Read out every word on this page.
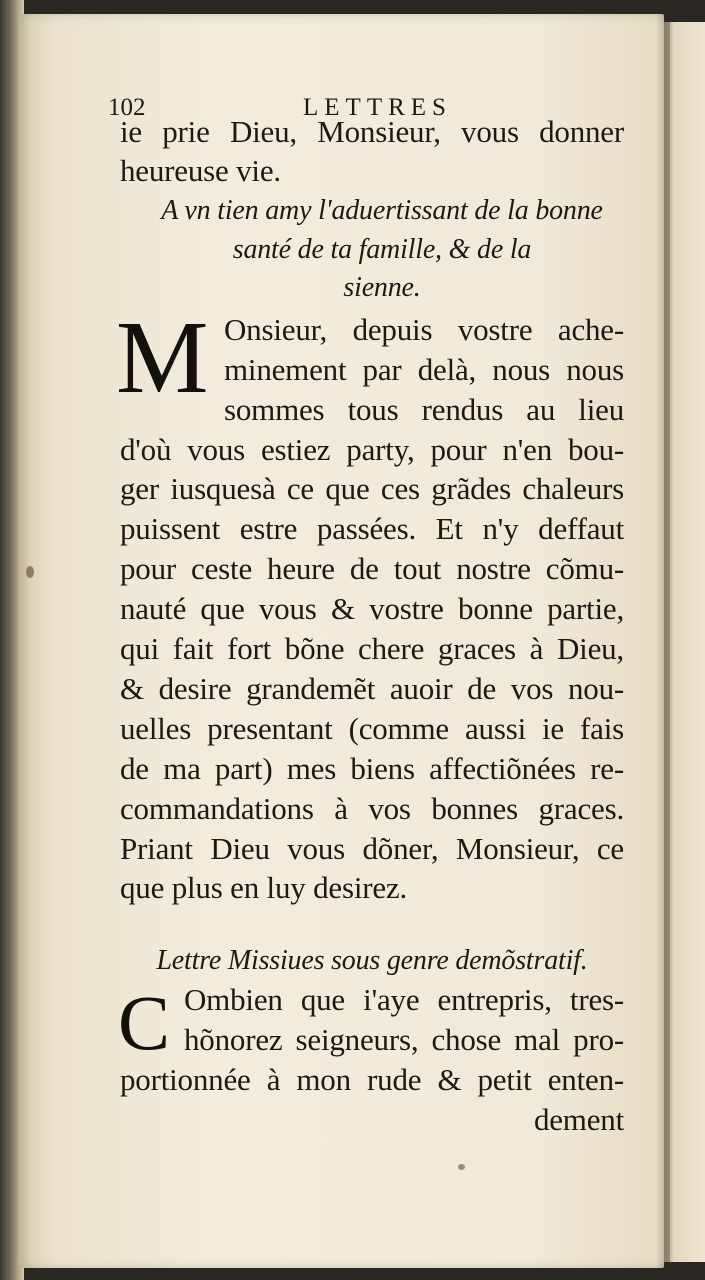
102	LETTRES
ie prie Dieu, Monsieur, vous donner
heureuse vie.
A vn tien amy l'aduertissant de la bonne
santé de ta famille, & de la
sienne.
M Onsieur, depuis vostre ache-
minement par delà, nous nous
sommes tous rendus au lieu
d'où vous estiez party, pour n'en bou-
ger iusquesà ce que ces grãdes chaleurs
puissent estre passées. Et n'y deffaut
pour ceste heure de tout nostre cõmu-
nauté que vous & vostre bonne partie,
qui fait fort bõne chere graces à Dieu,
& desire grandemẽt auoir de vos nou-
uelles presentant (comme aussi ie fais
de ma part) mes biens affectiõnées re-
commandations à vos bonnes graces.
Priant Dieu vous dõner, Monsieur, ce
que plus en luy desirez.
Lettre Missiues sous genre demõstratif.
C Ombien que i'aye entrepris, tres-
hõnorez seigneurs, chose mal pro-
portionnée à mon rude & petit enten-
dement
